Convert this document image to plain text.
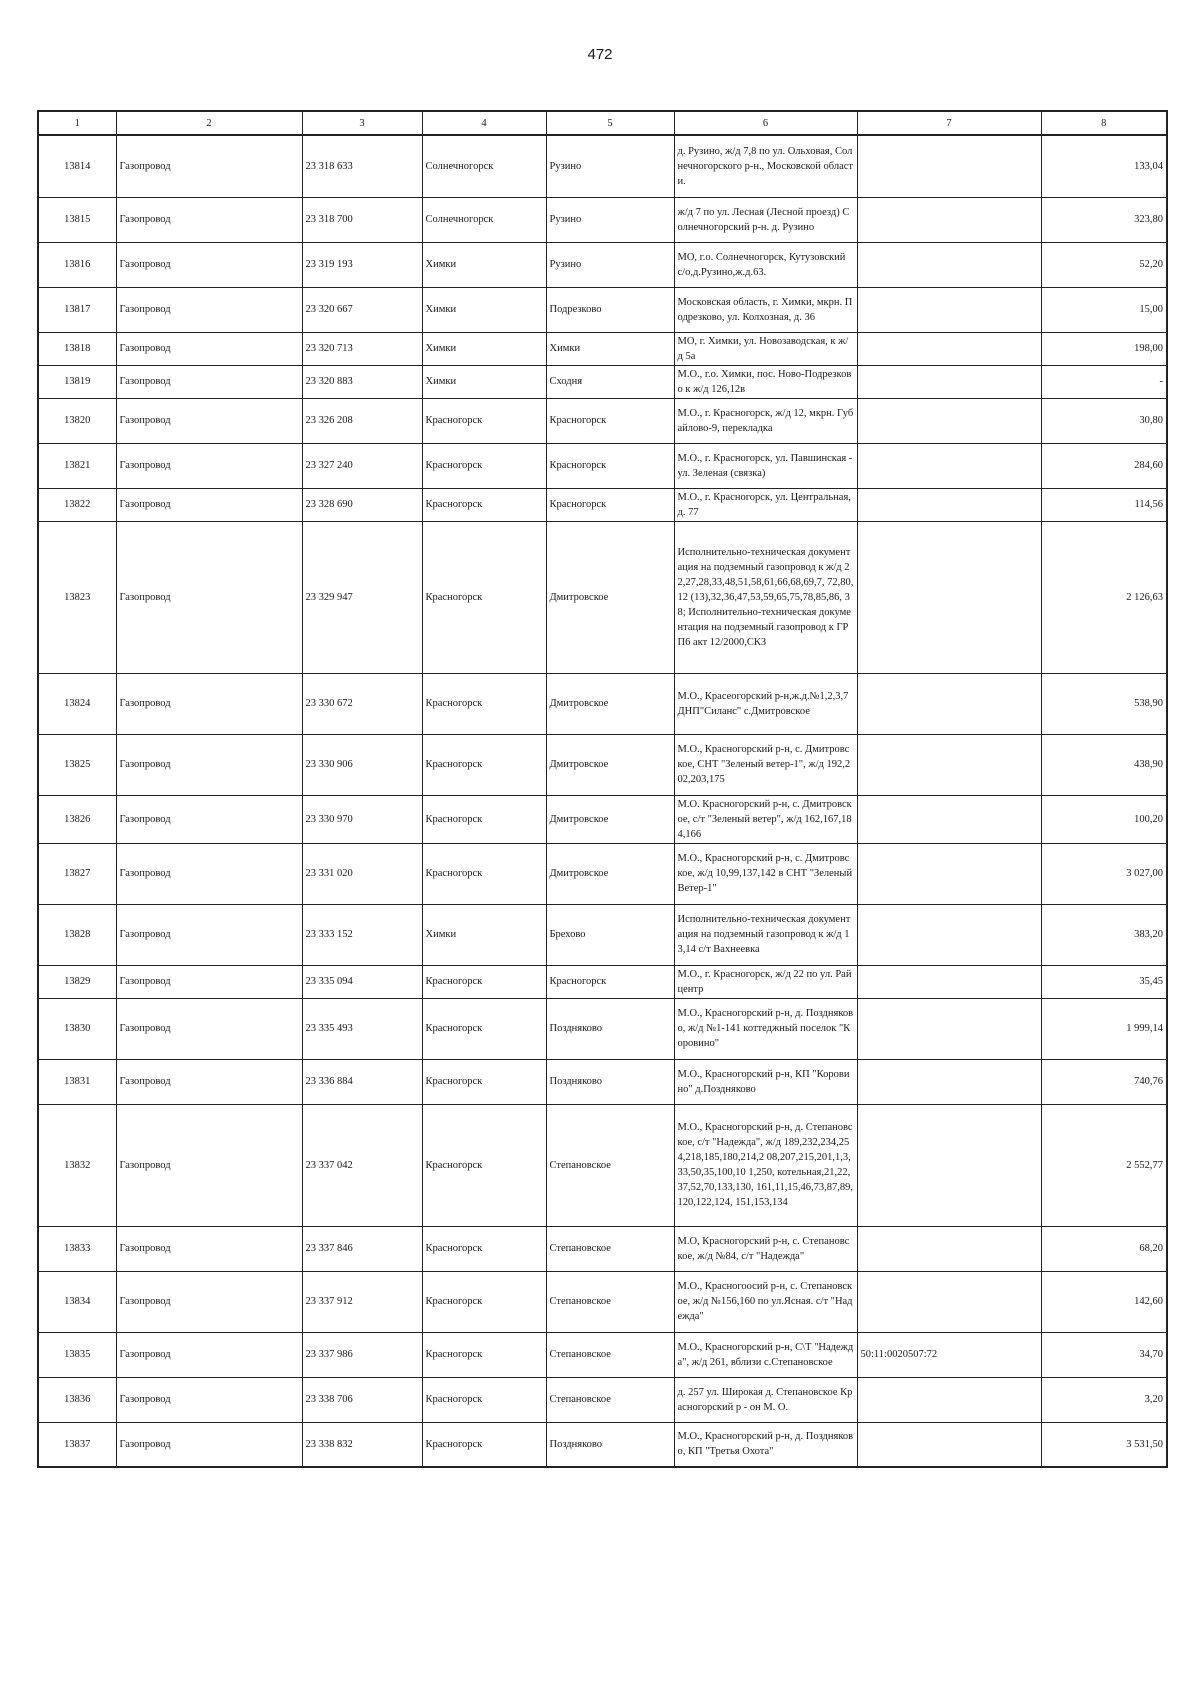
472
1	2	3	4	5	6	7	8
13814	Газопровод	23 318 633	Солнечногорск	Рузино	д. Рузино, ж/д 7,8 по ул. Ольховая, Солнечногорского р-н., Московской области.		133,04
13815	Газопровод	23 318 700	Солнечногорск	Рузино	ж/д 7 по ул. Лесная (Лесной проезд) Солнечногорский р-н. д. Рузино		323,80
13816	Газопровод	23 319 193	Химки	Рузино	МО, г.о. Солнечногорск, Кутузовский с/о,д.Рузино,ж.д.63.		52,20
13817	Газопровод	23 320 667	Химки	Подрезково	Московская область, г. Химки, мкрн. Подрезково, ул. Колхозная, д. 36		15,00
13818	Газопровод	23 320 713	Химки	Химки	МО, г. Химки, ул. Новозаводская, к ж/д 5а		198,00
13819	Газопровод	23 320 883	Химки	Сходня	М.О., г.о. Химки, пос. Ново-Подрезково к ж/д 126,12в		-
13820	Газопровод	23 326 208	Красногорск	Красногорск	М.О., г. Красногорск, ж/д 12, мкрн. Губайлово-9, перекладка		30,80
13821	Газопровод	23 327 240	Красногорск	Красногорск	М.О., г. Красногорск, ул. Павшинская - ул. Зеленая (связка)		284,60
13822	Газопровод	23 328 690	Красногорск	Красногорск	М.О., г. Красногорск, ул. Центральная, д. 77		114,56
13823	Газопровод	23 329 947	Красногорск	Дмитровское	Исполнительно-техническая документация на подземный газопровод к ж/д 22,27,28,33,48,51,58,61,66,68,69,7, 72,80,12 (13),32,36,47,53,59,65,75,78,85,86, 38; Исполнительно-техническая документация на подземный газопровод к ГРП6 акт 12/2000,СКЗ		2 126,63
13824	Газопровод	23 330 672	Красногорск	Дмитровское	М.О., Красеогорский р-н,ж.д.№1,2,3,7 ДНП"Силанс" с.Дмитровское		538,90
13825	Газопровод	23 330 906	Красногорск	Дмитровское	М.О., Красногорский р-н, с. Дмитровское, СНТ "Зеленый ветер-1", ж/д 192,202,203,175		438,90
13826	Газопровод	23 330 970	Красногорск	Дмитровское	М.О. Красногорский р-н, с. Дмитровское, с/т "Зеленый ветер", ж/д 162,167,184,166		100,20
13827	Газопровод	23 331 020	Красногорск	Дмитровское	М.О., Красногорский р-н, с. Дмитровское, ж/д 10,99,137,142 в СНТ "Зеленый Ветер-1"		3 027,00
13828	Газопровод	23 333 152	Химки	Брехово	Исполнительно-техническая документация на подземный газопровод к ж/д 13,14 с/т Вахнеевка		383,20
13829	Газопровод	23 335 094	Красногорск	Красногорск	М.О., г. Красногорск, ж/д 22 по ул. Райцентр		35,45
13830	Газопровод	23 335 493	Красногорск	Поздняково	М.О., Красногорский р-н, д. Поздняково, ж/д №1-141 коттеджный поселок "Коровино"		1 999,14
13831	Газопровод	23 336 884	Красногорск	Поздняково	М.О., Красногорский р-н, КП "Коровино" д.Поздняково		740,76
13832	Газопровод	23 337 042	Красногорск	Степановское	М.О., Красногорский р-н, д. Степановское, с/т "Надежда", ж/д 189,232,234,254,218,185,180,214,2 08,207,215,201,1,3,33,50,35,100,10 1,250, котельная,21,22,37,52,70,133,130, 161,11,15,46,73,87,89,120,122,124, 151,153,134		2 552,77
13833	Газопровод	23 337 846	Красногорск	Степановское	М.О, Красногорский р-н, с. Степановское, ж/д №84, с/т "Надежда"		68,20
13834	Газопровод	23 337 912	Красногорск	Степановское	М.О., Красногоосий р-н, с. Степановское, ж/д №156,160 по ул.Ясная. с/т "Надежда"		142,60
13835	Газопровод	23 337 986	Красногорск	Степановское	М.О., Красногорский р-н, С\Т "Надежда", ж/д 261, вблизи с.Степановское	50:11:0020507:72	34,70
13836	Газопровод	23 338 706	Красногорск	Степановское	д. 257 ул. Широкая д. Степановское Красногорский р - он М. О.		3,20
13837	Газопровод	23 338 832	Красногорск	Поздняково	М.О., Красногорский р-н, д. Поздняково, КП "Третья Охота"		3 531,50
